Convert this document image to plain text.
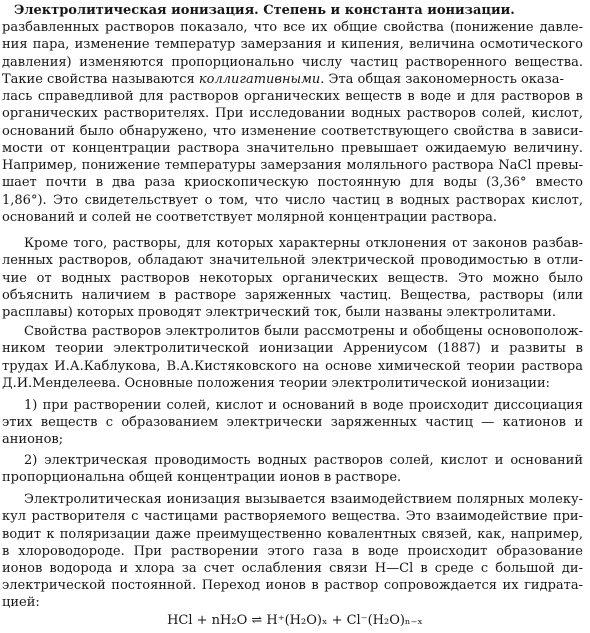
Электролитическая ионизация. Степень и константа ионизации.
разбавленных растворов показало, что все их общие свойства (понижение давле-
ния пара, изменение температур замерзания и кипения, величина осмотического
давления) изменяются пропорционально числу частиц растворенного вещества.
Такие свойства называются коллигативными. Эта общая закономерность оказа-
лась справедливой для растворов органических веществ в воде и для растворов в
органических растворителях. При исследовании водных растворов солей, кислот,
оснований было обнаружено, что изменение соответствующего свойства в зависи-
мости от концентрации раствора значительно превышает ожидаемую величину.
Например, понижение температуры замерзания моляльного раствора NaCl превы-
шает почти в два раза криоскопическую постоянную для воды (3,36° вместо
1,86°). Это свидетельствует о том, что число частиц в водных растворах кислот,
оснований и солей не соответствует молярной концентрации раствора.
Кроме того, растворы, для которых характерны отклонения от законов разбав-
ленных растворов, обладают значительной электрической проводимостью в отли-
чие от водных растворов некоторых органических веществ. Это можно было
объяснить наличием в растворе заряженных частиц. Вещества, растворы (или
расплавы) которых проводят электрический ток, были названы электролитами.
Свойства растворов электролитов были рассмотрены и обобщены основополож-
ником теории электролитической ионизации Аррениусом (1887) и развиты в
трудах И.А.Каблукова, В.А.Кистяковского на основе химической теории раствора
Д.И.Менделеева. Основные положения теории электролитической ионизации:
1) при растворении солей, кислот и оснований в воде происходит диссоциация
этих веществ с образованием электрически заряженных частиц — катионов и
анионов;
2) электрическая проводимость водных растворов солей, кислот и оснований
пропорциональна общей концентрации ионов в растворе.
Электролитическая ионизация вызывается взаимодействием полярных молеку-
кул растворителя с частицами растворяемого вещества. Это взаимодействие при-
водит к поляризации даже преимущественно ковалентных связей, как, например,
в хлороводороде. При растворении этого газа в воде происходит образование
ионов водорода и хлора за счет ослабления связи H—Cl в среде с большой ди-
электрической постоянной. Переход ионов в раствор сопровождается их гидрата-
цией:
HCl + nH₂O ⇌ H⁺(H₂O)ₓ + Cl⁻(H₂O)ₙ₋ₓ
